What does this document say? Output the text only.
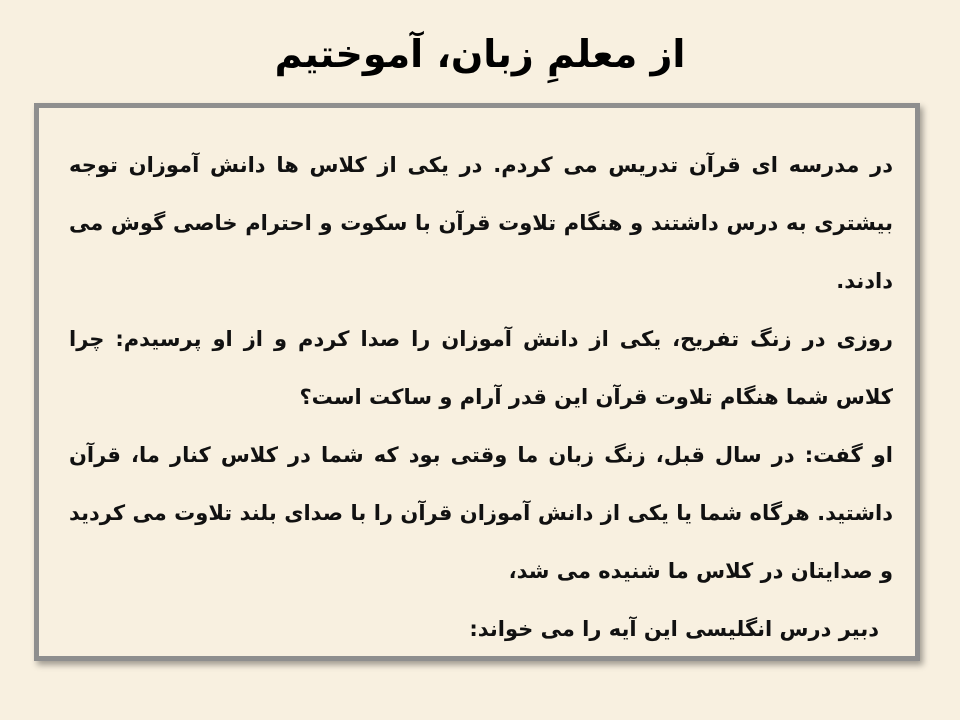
از معلمِ زبان، آموختیم

در مدرسه ای قرآن تدریس می کردم. در یکی از کلاس ها دانش آموزان توجه بیشتری به درس داشتند و هنگام تلاوت قرآن با سکوت و احترام خاصی گوش می دادند.

روزی در زنگ تفریح، یکی از دانش آموزان را صدا کردم و از او پرسیدم: چرا کلاس شما هنگام تلاوت قرآن این قدر آرام و ساکت است؟

او گفت: در سال قبل، زنگ زبان ما وقتی بود که شما در کلاس کنار ما، قرآن داشتید. هرگاه شما یا یکی از دانش آموزان قرآن را با صدای بلند تلاوت می کردید و صدایتان در کلاس ما شنیده می شد،

دبیر درس انگلیسی این آیه را می خواند:
